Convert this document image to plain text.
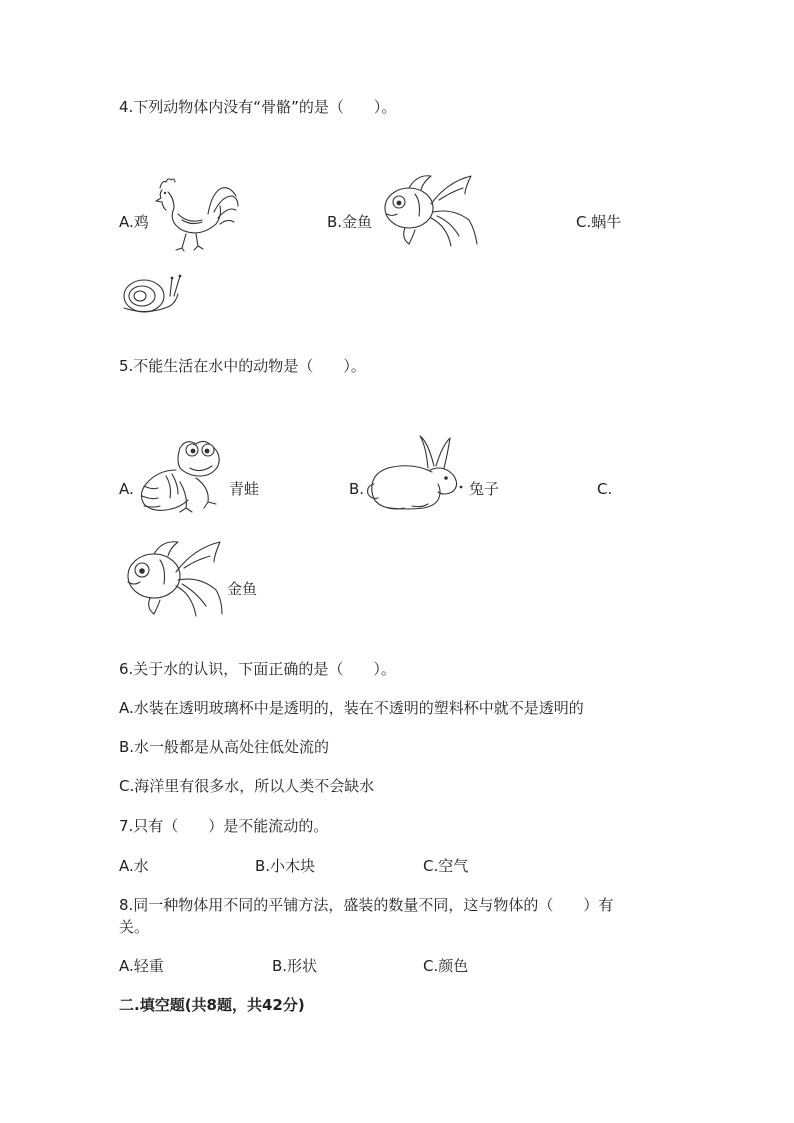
4.下列动物体内没有“骨骼”的是（　　）。
A.鸡	B.金鱼	C.蜗牛
5.不能生活在水中的动物是（　　）。
A.	青蛙	B.	兔子	C.
金鱼
6.关于水的认识，下面正确的是（　　）。
A.水装在透明玻璃杯中是透明的，装在不透明的塑料杯中就不是透明的
B.水一般都是从高处往低处流的
C.海洋里有很多水，所以人类不会缺水
7.只有（　　）是不能流动的。
A.水	B.小木块	C.空气
8.同一种物体用不同的平铺方法，盛装的数量不同，这与物体的（　　）有
关。
A.轻重	B.形状	C.颜色
二.填空题(共8题，共42分)
